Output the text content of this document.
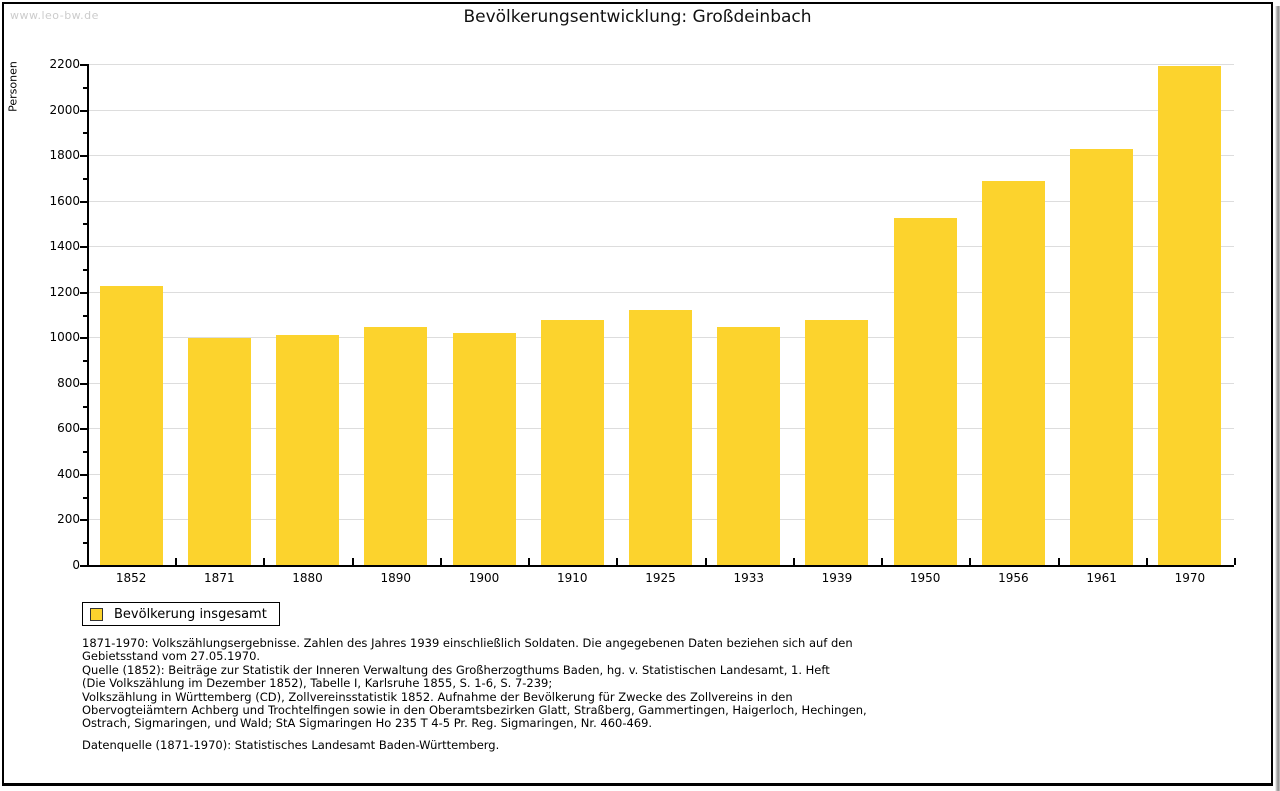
www.leo-bw.de	Bevölkerungsentwicklung: Großdeinbach
Personen
0
200
400
600
800
1000
1200
1400
1600
1800
2000
2200
1852	1871	1880	1890	1900	1910	1925	1933	1939	1950	1956	1961	1970
Bevölkerung insgesamt
1871-1970: Volkszählungsergebnisse. Zahlen des Jahres 1939 einschließlich Soldaten. Die angegebenen Daten beziehen sich auf den
Gebietsstand vom 27.05.1970.
Quelle (1852): Beiträge zur Statistik der Inneren Verwaltung des Großherzogthums Baden, hg. v. Statistischen Landesamt, 1. Heft
(Die Volkszählung im Dezember 1852), Tabelle I, Karlsruhe 1855, S. 1-6, S. 7-239;
Volkszählung in Württemberg (CD), Zollvereinsstatistik 1852. Aufnahme der Bevölkerung für Zwecke des Zollvereins in den
Obervogteiämtern Achberg und Trochtelfingen sowie in den Oberamtsbezirken Glatt, Straßberg, Gammertingen, Haigerloch, Hechingen,
Ostrach, Sigmaringen, und Wald; StA Sigmaringen Ho 235 T 4-5 Pr. Reg. Sigmaringen, Nr. 460-469.
Datenquelle (1871-1970): Statistisches Landesamt Baden-Württemberg.
